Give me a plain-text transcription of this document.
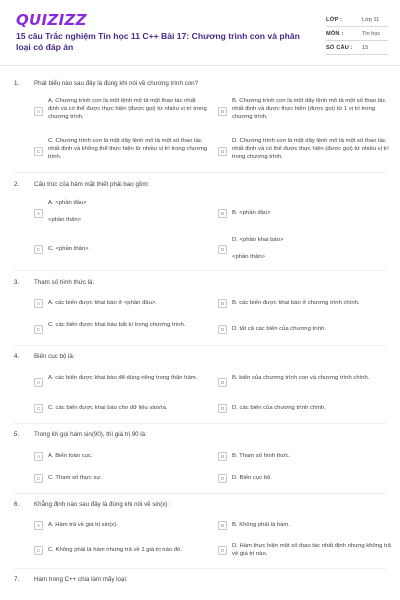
QUIZIZZ
15 câu Trắc nghiệm Tin học 11 C++ Bài 17: Chương trình con và phân loại có đáp án
LỚP :	Lớp 11
MÔN :	Tin học
SỐ CÂU : 15
1. Phát biểu nào sau đây là đúng khi nói về chương trình con?
A
A. Chương trình con là một lệnh mô tả một thao tác nhất định và có thể được thực hiện (được gọi) từ nhiều vị trí trong chương trình.
B
B. Chương trình con là một dãy lệnh mô tả một số thao tác nhất định và được thực hiện (được gọi) từ 1 vị trí trong chương trình.
C
C. Chương trình con là một dãy lệnh mô tả một số thao tác nhất định và không thể thực hiện từ nhiều vị trí trong chương trình.
D
D. Chương trình con là một dãy lệnh mô tả một số thao tác nhất định và có thể được thực hiện (được gọi) từ nhiều vị trí trong chương trình.
2. Cấu trúc của hàm mặt thiết phải bao gồm:
A
A. <phần đầu>
<phần thân>
B	B. <phần đầu>
C	C. <phần thân>	D
D. <phần khai báo>
<phần thân>
3. Tham số hình thức là:
A	A. các biến được khai báo ở <phần đầu>.	B	B. các biến được khai báo ở chương trình chính.
C
C. các biến được khai báo bất kì trong chương trình.
D	D. tất cả các biến của chương trình.
4. Biến cục bộ là:
A
A. các biến được khai báo để dùng riêng trong thân hàm.
B
B. biến của chương trình con và chương trình chính.
C	C. các biến được khai báo cho dữ liệu vào/ra.	D	D. các biến của chương trình chính.
5. Trong lời gọi hàm sin(90), thì giá trị 90 là:
A	A. Biến toàn cục.	B	B. Tham số hình thức.
C	C. Tham số thực sự.	D	D. Biến cục bộ.
6. Khẳng định nào sau đây là đúng khi nói về sin(x) :
A	A. Hàm trả về giá trị sin(x).	B	B. Không phải là hàm.
C	C. Không phải là hàm nhưng trả về 1 giá trị nào đó.	D
D. Hàm thực hiện một số thao tác nhất định nhưng không trả về giá trị nào.
7. Hàm trong C++ chia làm mấy loại:
